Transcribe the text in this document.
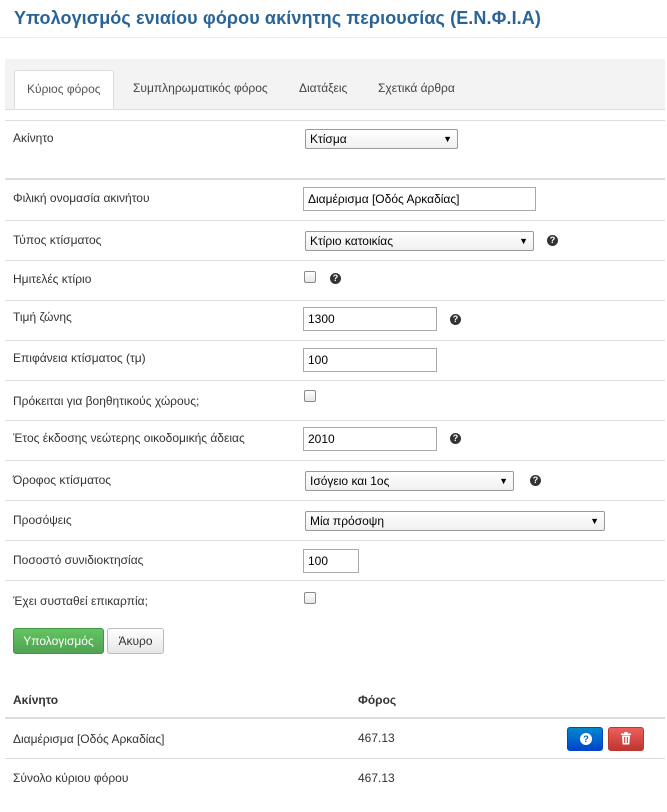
Υπολογισμός ενιαίου φόρου ακίνητης περιουσίας (Ε.Ν.Φ.Ι.Α)
Κύριος φόρος	Συμπληρωματικός φόρος	Διατάξεις	Σχετικά άρθρα
Ακίνητο	Κτίσμα	▼
Φιλική ονομασία ακινήτου	Διαμέρισμα [Οδός Αρκαδίας]
Τύπος κτίσματος	Κτίριο κατοικίας	▼	?
Ημιτελές κτίριο	?
Τιμή ζώνης	1300	?
Επιφάνεια κτίσματος (τμ)	100
Πρόκειται για βοηθητικούς χώρους;
Έτος έκδοσης νεώτερης οικοδομικής άδειας	2010	?
Όροφος κτίσματος	Ισόγειο και 1ος	▼	?
Προσόψεις	Μία πρόσοψη	▼
Ποσοστό συνιδιοκτησίας	100
Έχει συσταθεί επικαρπία;
Υπολογισμός	Άκυρο
Ακίνητο	Φόρος
Διαμέρισμα [Οδός Αρκαδίας]	467.13	?
Σύνολο κύριου φόρου	467.13
